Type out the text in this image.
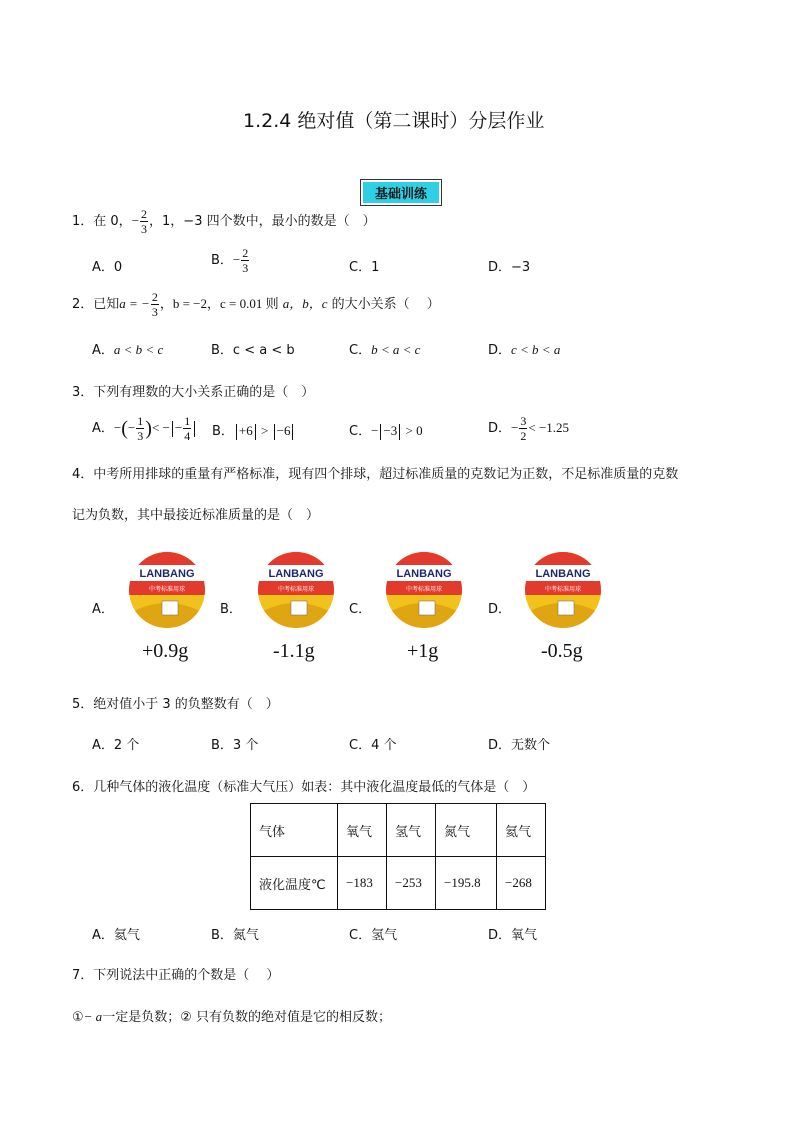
1.2.4 绝对值（第二课时）分层作业
基础训练
1．在 0，− $\frac{2}{3}$ ，1，−3 四个数中，最小的数是（　）
A．0	B．− $\frac{2}{3}$	C．1	D．−3
2．已知a = − $\frac{2}{3}$ ，b = −2，c = 0.01 则 a，b，c 的大小关系（　 ）
A．a < b < c	B．c < a < b	C．b < a < c	D．c < b < a
3．下列有理数的大小关系正确的是（　）
A．−(− $\frac{1}{3}$ )< − − $\frac{1}{4}$ B． +6 > −6	C．− −3 > 0	D．− $\frac{3}{2} < -1.25$
4．中考所用排球的重量有严格标准，现有四个排球，超过标准质量的克数记为正数，不足标准质量的克数
记为负数，其中最接近标准质量的是（　）
A．	B．	C．	D．
LANBANG
中考标准用球
LANBANG
中考标准用球
LANBANG
中考标准用球
LANBANG
中考标准用球
+0.9g	-1.1g	+1g	-0.5g
5．绝对值小于 3 的负整数有（　）
A．2 个	B．3 个	C．4 个	D．无数个
6．几种气体的液化温度（标准大气压）如表：其中液化温度最低的气体是（　）
气体	氧气	氢气	氮气	氦气
液化温度℃	−183	−253	−195.8	−268
A．氦气	B．氮气	C．氢气	D．氧气
7．下列说法中正确的个数是（　 ）
①− a一定是负数；② 只有负数的绝对值是它的相反数；
